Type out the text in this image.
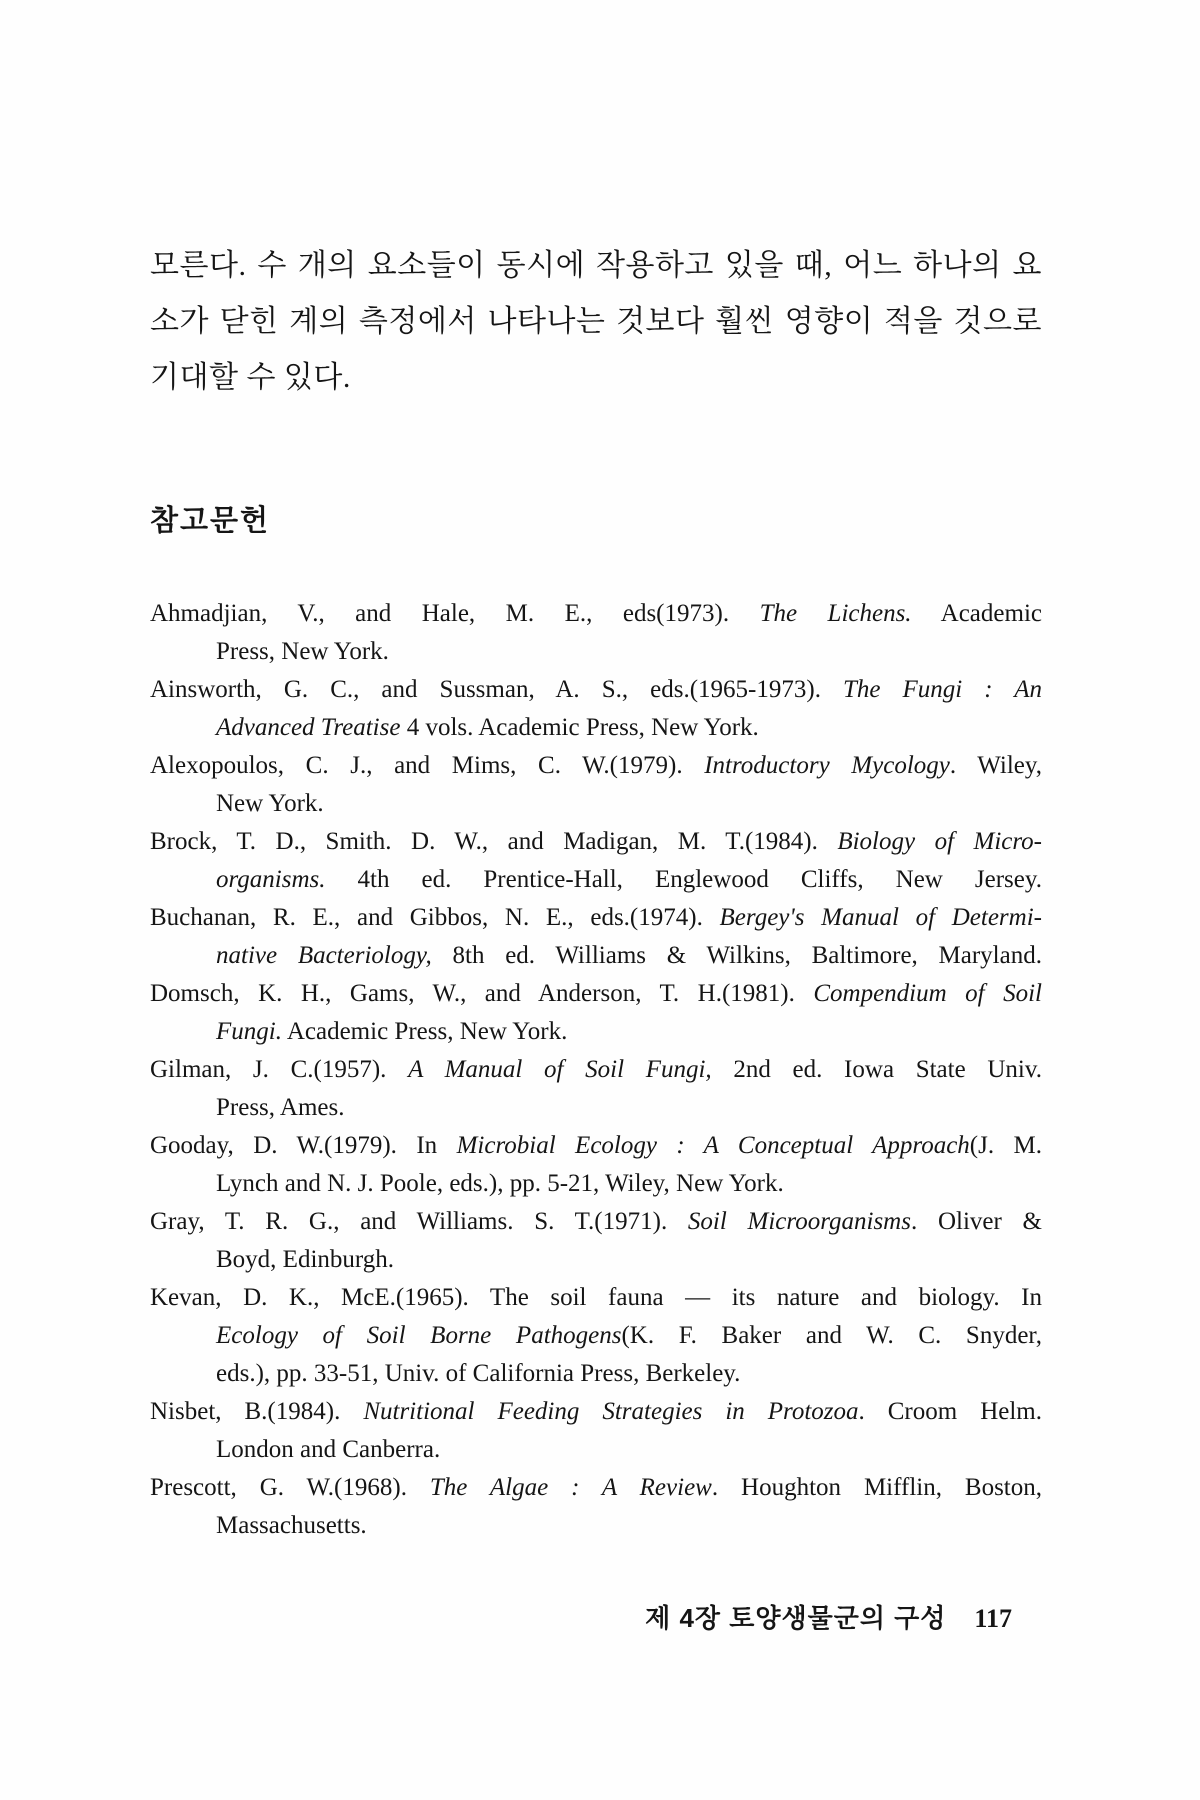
모른다. 수 개의 요소들이 동시에 작용하고 있을 때, 어느 하나의 요
소가 닫힌 계의 측정에서 나타나는 것보다 훨씬 영향이 적을 것으로
기대할 수 있다.
참고문헌
Ahmadjian, V., and Hale, M. E., eds(1973). The Lichens. Academic
Press, New York.
Ainsworth, G. C., and Sussman, A. S., eds.(1965-1973). The Fungi : An
Advanced Treatise 4 vols. Academic Press, New York.
Alexopoulos, C. J., and Mims, C. W.(1979). Introductory Mycology. Wiley,
New York.
Brock, T. D., Smith. D. W., and Madigan, M. T.(1984). Biology of Micro-
organisms. 4th ed. Prentice-Hall, Englewood Cliffs, New Jersey.
Buchanan, R. E., and Gibbos, N. E., eds.(1974). Bergey's Manual of Determi-
native Bacteriology, 8th ed. Williams & Wilkins, Baltimore, Maryland.
Domsch, K. H., Gams, W., and Anderson, T. H.(1981). Compendium of Soil
Fungi. Academic Press, New York.
Gilman, J. C.(1957). A Manual of Soil Fungi, 2nd ed. Iowa State Univ.
Press, Ames.
Gooday, D. W.(1979). In Microbial Ecology : A Conceptual Approach(J. M.
Lynch and N. J. Poole, eds.), pp. 5-21, Wiley, New York.
Gray, T. R. G., and Williams. S. T.(1971). Soil Microorganisms. Oliver &
Boyd, Edinburgh.
Kevan, D. K., McE.(1965). The soil fauna — its nature and biology. In
Ecology of Soil Borne Pathogens(K. F. Baker and W. C. Snyder,
eds.), pp. 33-51, Univ. of California Press, Berkeley.
Nisbet, B.(1984). Nutritional Feeding Strategies in Protozoa. Croom Helm.
London and Canberra.
Prescott, G. W.(1968). The Algae : A Review. Houghton Mifflin, Boston,
Massachusetts.
제 4장 토양생물군의 구성 117
